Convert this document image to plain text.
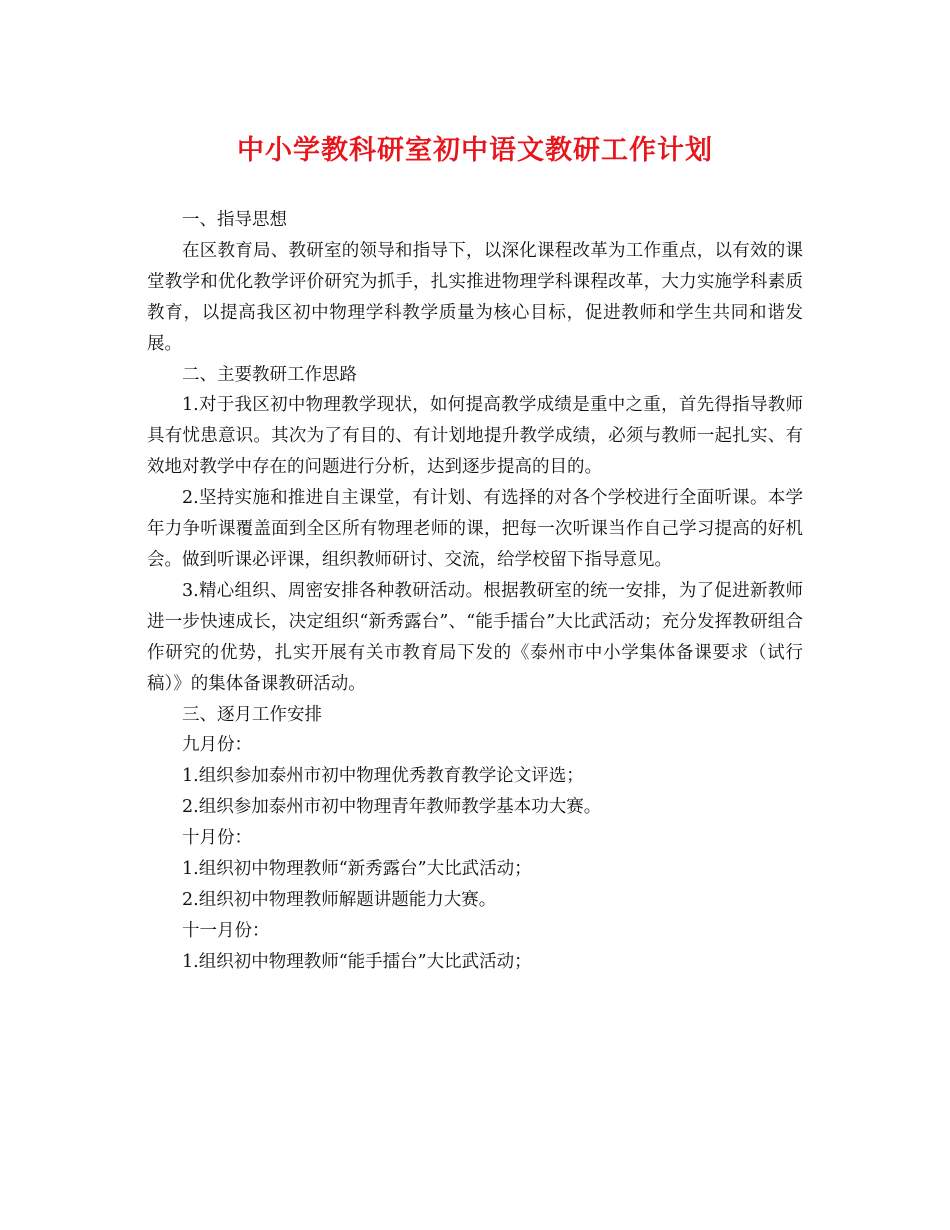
中小学教科研室初中语文教研工作计划

一、指导思想

在区教育局、教研室的领导和指导下，以深化课程改革为工作重点，以有效的课堂教学和优化教学评价研究为抓手，扎实推进物理学科课程改革，大力实施学科素质教育，以提高我区初中物理学科教学质量为核心目标，促进教师和学生共同和谐发展。

二、主要教研工作思路

1.对于我区初中物理教学现状，如何提高教学成绩是重中之重，首先得指导教师具有忧患意识。其次为了有目的、有计划地提升教学成绩，必须与教师一起扎实、有效地对教学中存在的问题进行分析，达到逐步提高的目的。

2.坚持实施和推进自主课堂，有计划、有选择的对各个学校进行全面听课。本学年力争听课覆盖面到全区所有物理老师的课，把每一次听课当作自己学习提高的好机会。做到听课必评课，组织教师研讨、交流，给学校留下指导意见。

3.精心组织、周密安排各种教研活动。根据教研室的统一安排，为了促进新教师进一步快速成长，决定组织“新秀露台”、“能手擂台”大比武活动；充分发挥教研组合作研究的优势，扎实开展有关市教育局下发的《泰州市中小学集体备课要求（试行稿）》的集体备课教研活动。

三、逐月工作安排

九月份：

1.组织参加泰州市初中物理优秀教育教学论文评选；

2.组织参加泰州市初中物理青年教师教学基本功大赛。

十月份：

1.组织初中物理教师“新秀露台”大比武活动；

2.组织初中物理教师解题讲题能力大赛。

十一月份：

1.组织初中物理教师“能手擂台”大比武活动；
